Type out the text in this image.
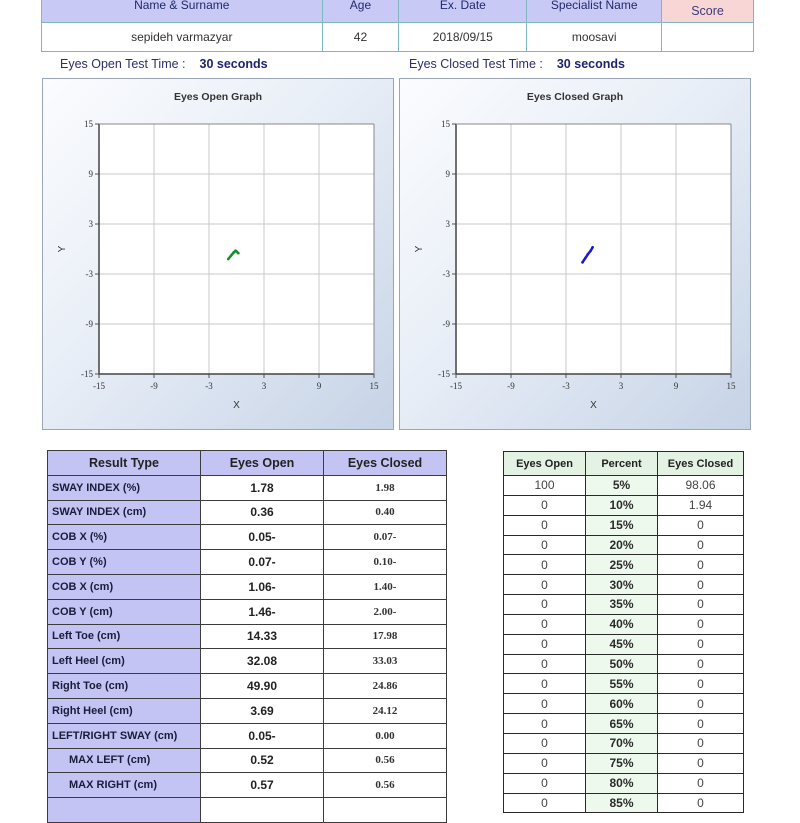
Name & Surname	Age	Ex. Date	Specialist Name	Score
sepideh varmazyar	42	2018/09/15	moosavi	
Eyes Open Test Time : 30 seconds	Eyes Closed Test Time : 30 seconds
Eyes Open Graph
-15	-9	-3	3	9	15
15
9
3
-3
-9
-15
X
Y
Eyes Closed Graph
-15	-9	-3	3	9	15
15
9
3
-3
-9
-15
X
Y
Result Type	Eyes Open	Eyes Closed
SWAY INDEX (%)	1.78	1.98
SWAY INDEX (cm)	0.36	0.40
COB X (%)	0.05-	0.07-
COB Y (%)	0.07-	0.10-
COB X (cm)	1.06-	1.40-
COB Y (cm)	1.46-	2.00-
Left Toe (cm)	14.33	17.98
Left Heel (cm)	32.08	33.03
Right Toe (cm)	49.90	24.86
Right Heel (cm)	3.69	24.12
LEFT/RIGHT SWAY (cm)	0.05-	0.00
MAX LEFT (cm)	0.52	0.56
MAX RIGHT (cm)	0.57	0.56

Eyes Open	Percent	Eyes Closed
100	5%	98.06
0	10%	1.94
0	15%	0
0	20%	0
0	25%	0
0	30%	0
0	35%	0
0	40%	0
0	45%	0
0	50%	0
0	55%	0
0	60%	0
0	65%	0
0	70%	0
0	75%	0
0	80%	0
0	85%	0
